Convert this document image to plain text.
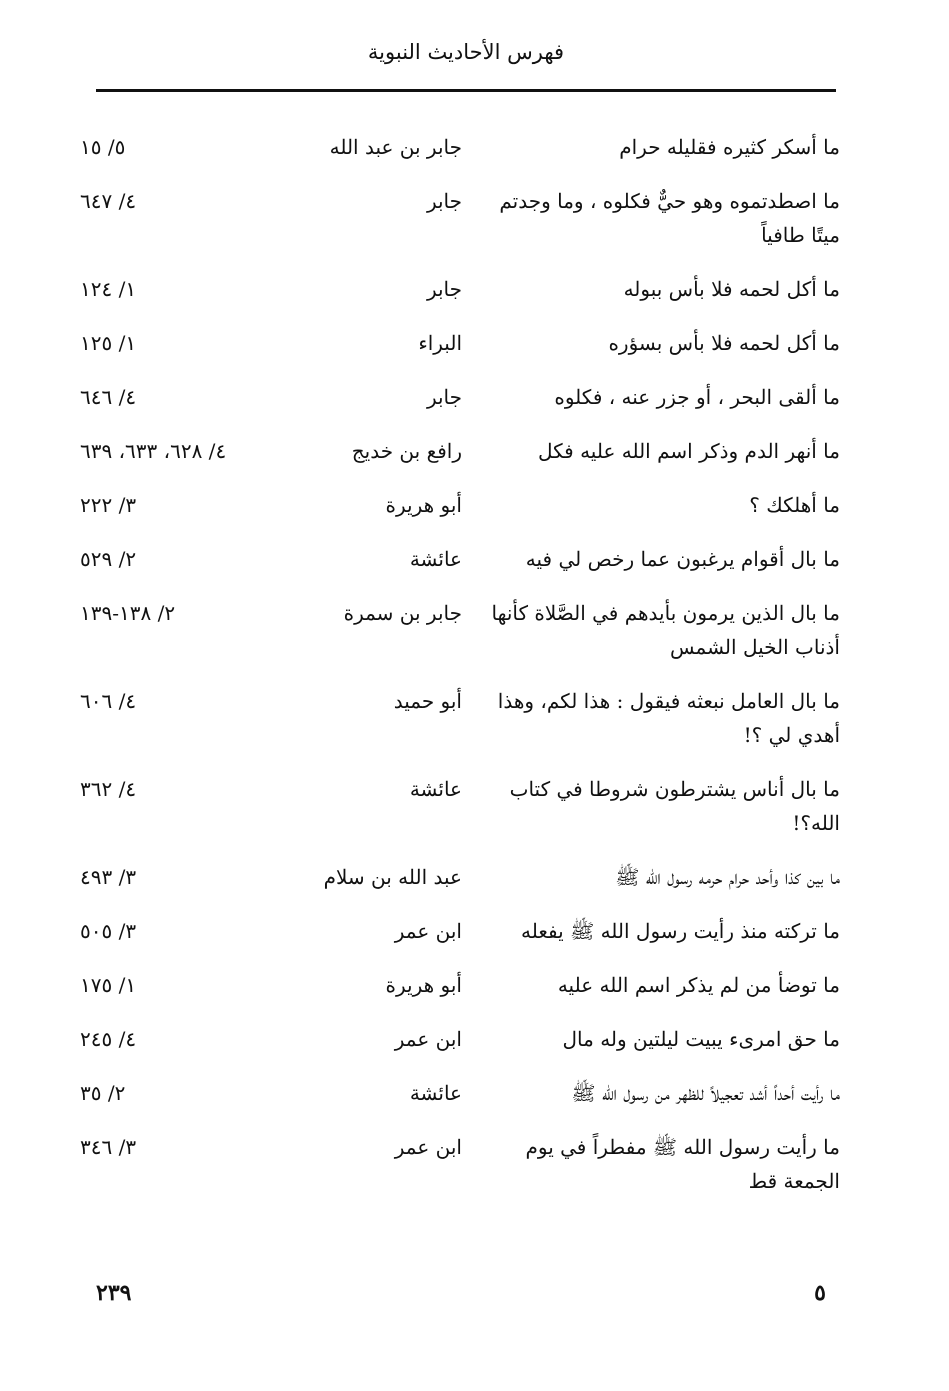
فهرس الأحاديث النبوية
ما أسكر كثيره فقليله حرام
جابر بن عبد الله
٥/ ١٥
ما اصطدتموه وهو حيٌّ فكلوه ، وما وجدتم ميتًا طافياً
جابر
٤/ ٦٤٧
ما أكل لحمه فلا بأس ببوله
جابر
١/ ١٢٤
ما أكل لحمه فلا بأس بسؤره
البراء
١/ ١٢٥
ما ألقى البحر ، أو جزر عنه ، فكلوه
جابر
٤/ ٦٤٦
ما أنهر الدم وذكر اسم الله عليه فكل
رافع بن خديج
٤/ ٦٢٨، ٦٣٣، ٦٣٩
ما أهلكك ؟
أبو هريرة
٣/ ٢٢٢
ما بال أقوام يرغبون عما رخص لي فيه
عائشة
٢/ ٥٢٩
ما بال الذين يرمون بأيدهم في الصَّلاة كأنها أذناب الخيل الشمس
جابر بن سمرة
٢/ ١٣٨-١٣٩
ما بال العامل نبعثه فيقول : هذا لكم، وهذا أهدي لي ؟!
أبو حميد
٤/ ٦٠٦
ما بال أناس يشترطون شروطا في كتاب الله؟!
عائشة
٤/ ٣٦٢
ما بين كذا وأحد حرام حرمه رسول الله ﷺ
عبد الله بن سلام
٣/ ٤٩٣
ما تركته منذ رأيت رسول الله ﷺ يفعله
ابن عمر
٣/ ٥٠٥
ما توضأ من لم يذكر اسم الله عليه
أبو هريرة
١/ ١٧٥
ما حق امرىء يبيت ليلتين وله مال
ابن عمر
٤/ ٢٤٥
ما رأيت أحداً أشد تعجيلاً للظهر من رسول الله ﷺ
عائشة
٢/ ٣٥
ما رأيت رسول الله ﷺ مفطراً في يوم الجمعة قط
ابن عمر
٣/ ٣٤٦
٢٣٩	٥
